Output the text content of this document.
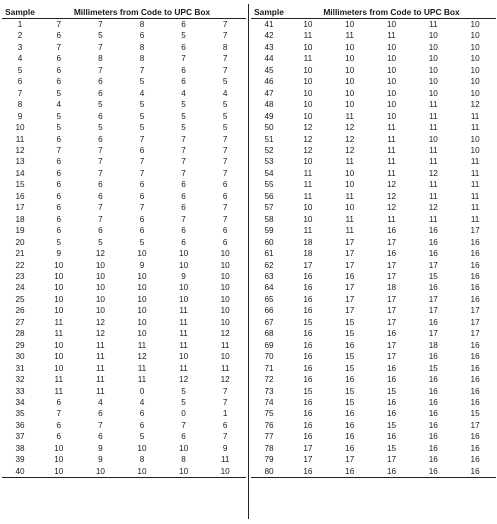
Sample	Millimeters from Code to UPC Box				
1	7	7	8	6	7
2	6	5	6	5	7
3	7	7	8	6	8
4	6	8	8	7	7
5	6	7	7	6	7
6	6	6	5	6	5
7	5	6	4	4	4
8	4	5	5	5	5
9	5	6	5	5	5
10	5	5	5	5	5
11	6	6	7	7	7
12	7	7	6	7	7
13	6	7	7	7	7
14	6	7	7	7	7
15	6	6	6	6	6
16	6	6	6	6	6
17	6	7	7	6	7
18	6	7	6	7	7
19	6	6	6	6	6
20	5	5	5	6	6
21	9	12	10	10	10
22	10	10	9	10	10
23	10	10	10	9	10
24	10	10	10	10	10
25	10	10	10	10	10
26	10	10	10	11	10
27	11	12	10	11	10
28	11	12	10	11	12
29	10	11	11	11	11
30	10	11	12	10	10
31	10	11	11	11	11
32	11	11	11	12	12
33	11	11	0	5	7
34	6	4	4	5	7
35	7	6	6	0	1
36	6	7	6	7	6
37	6	6	5	6	7
38	10	9	10	10	9
39	10	9	8	8	11
40	10	10	10	10	10
Sample	Millimeters from Code to UPC Box				
41	10	10	10	11	10
42	11	11	11	10	10
43	10	10	10	10	10
44	11	10	10	10	10
45	10	10	10	10	10
46	10	10	10	10	10
47	10	10	10	10	10
48	10	10	10	11	12
49	10	11	10	11	11
50	12	12	11	11	11
51	12	12	11	10	10
52	12	12	11	11	10
53	10	11	11	11	11
54	11	10	11	12	11
55	11	10	12	11	11
56	11	11	12	11	11
57	10	10	12	12	11
58	10	11	11	11	11
59	11	11	16	16	17
60	18	17	17	16	16
61	18	17	16	16	16
62	17	17	17	17	16
63	16	16	17	15	16
64	16	17	18	16	16
65	16	17	17	17	16
66	16	17	17	17	17
67	15	15	17	16	17
68	16	15	16	17	17
69	16	16	17	18	16
70	16	15	17	16	16
71	16	15	16	15	16
72	16	16	16	16	16
73	15	15	15	16	16
74	16	15	16	16	16
75	16	16	16	16	15
76	16	16	15	16	17
77	16	16	16	16	16
78	17	16	15	16	16
79	17	17	17	16	16
80	16	16	16	16	16
